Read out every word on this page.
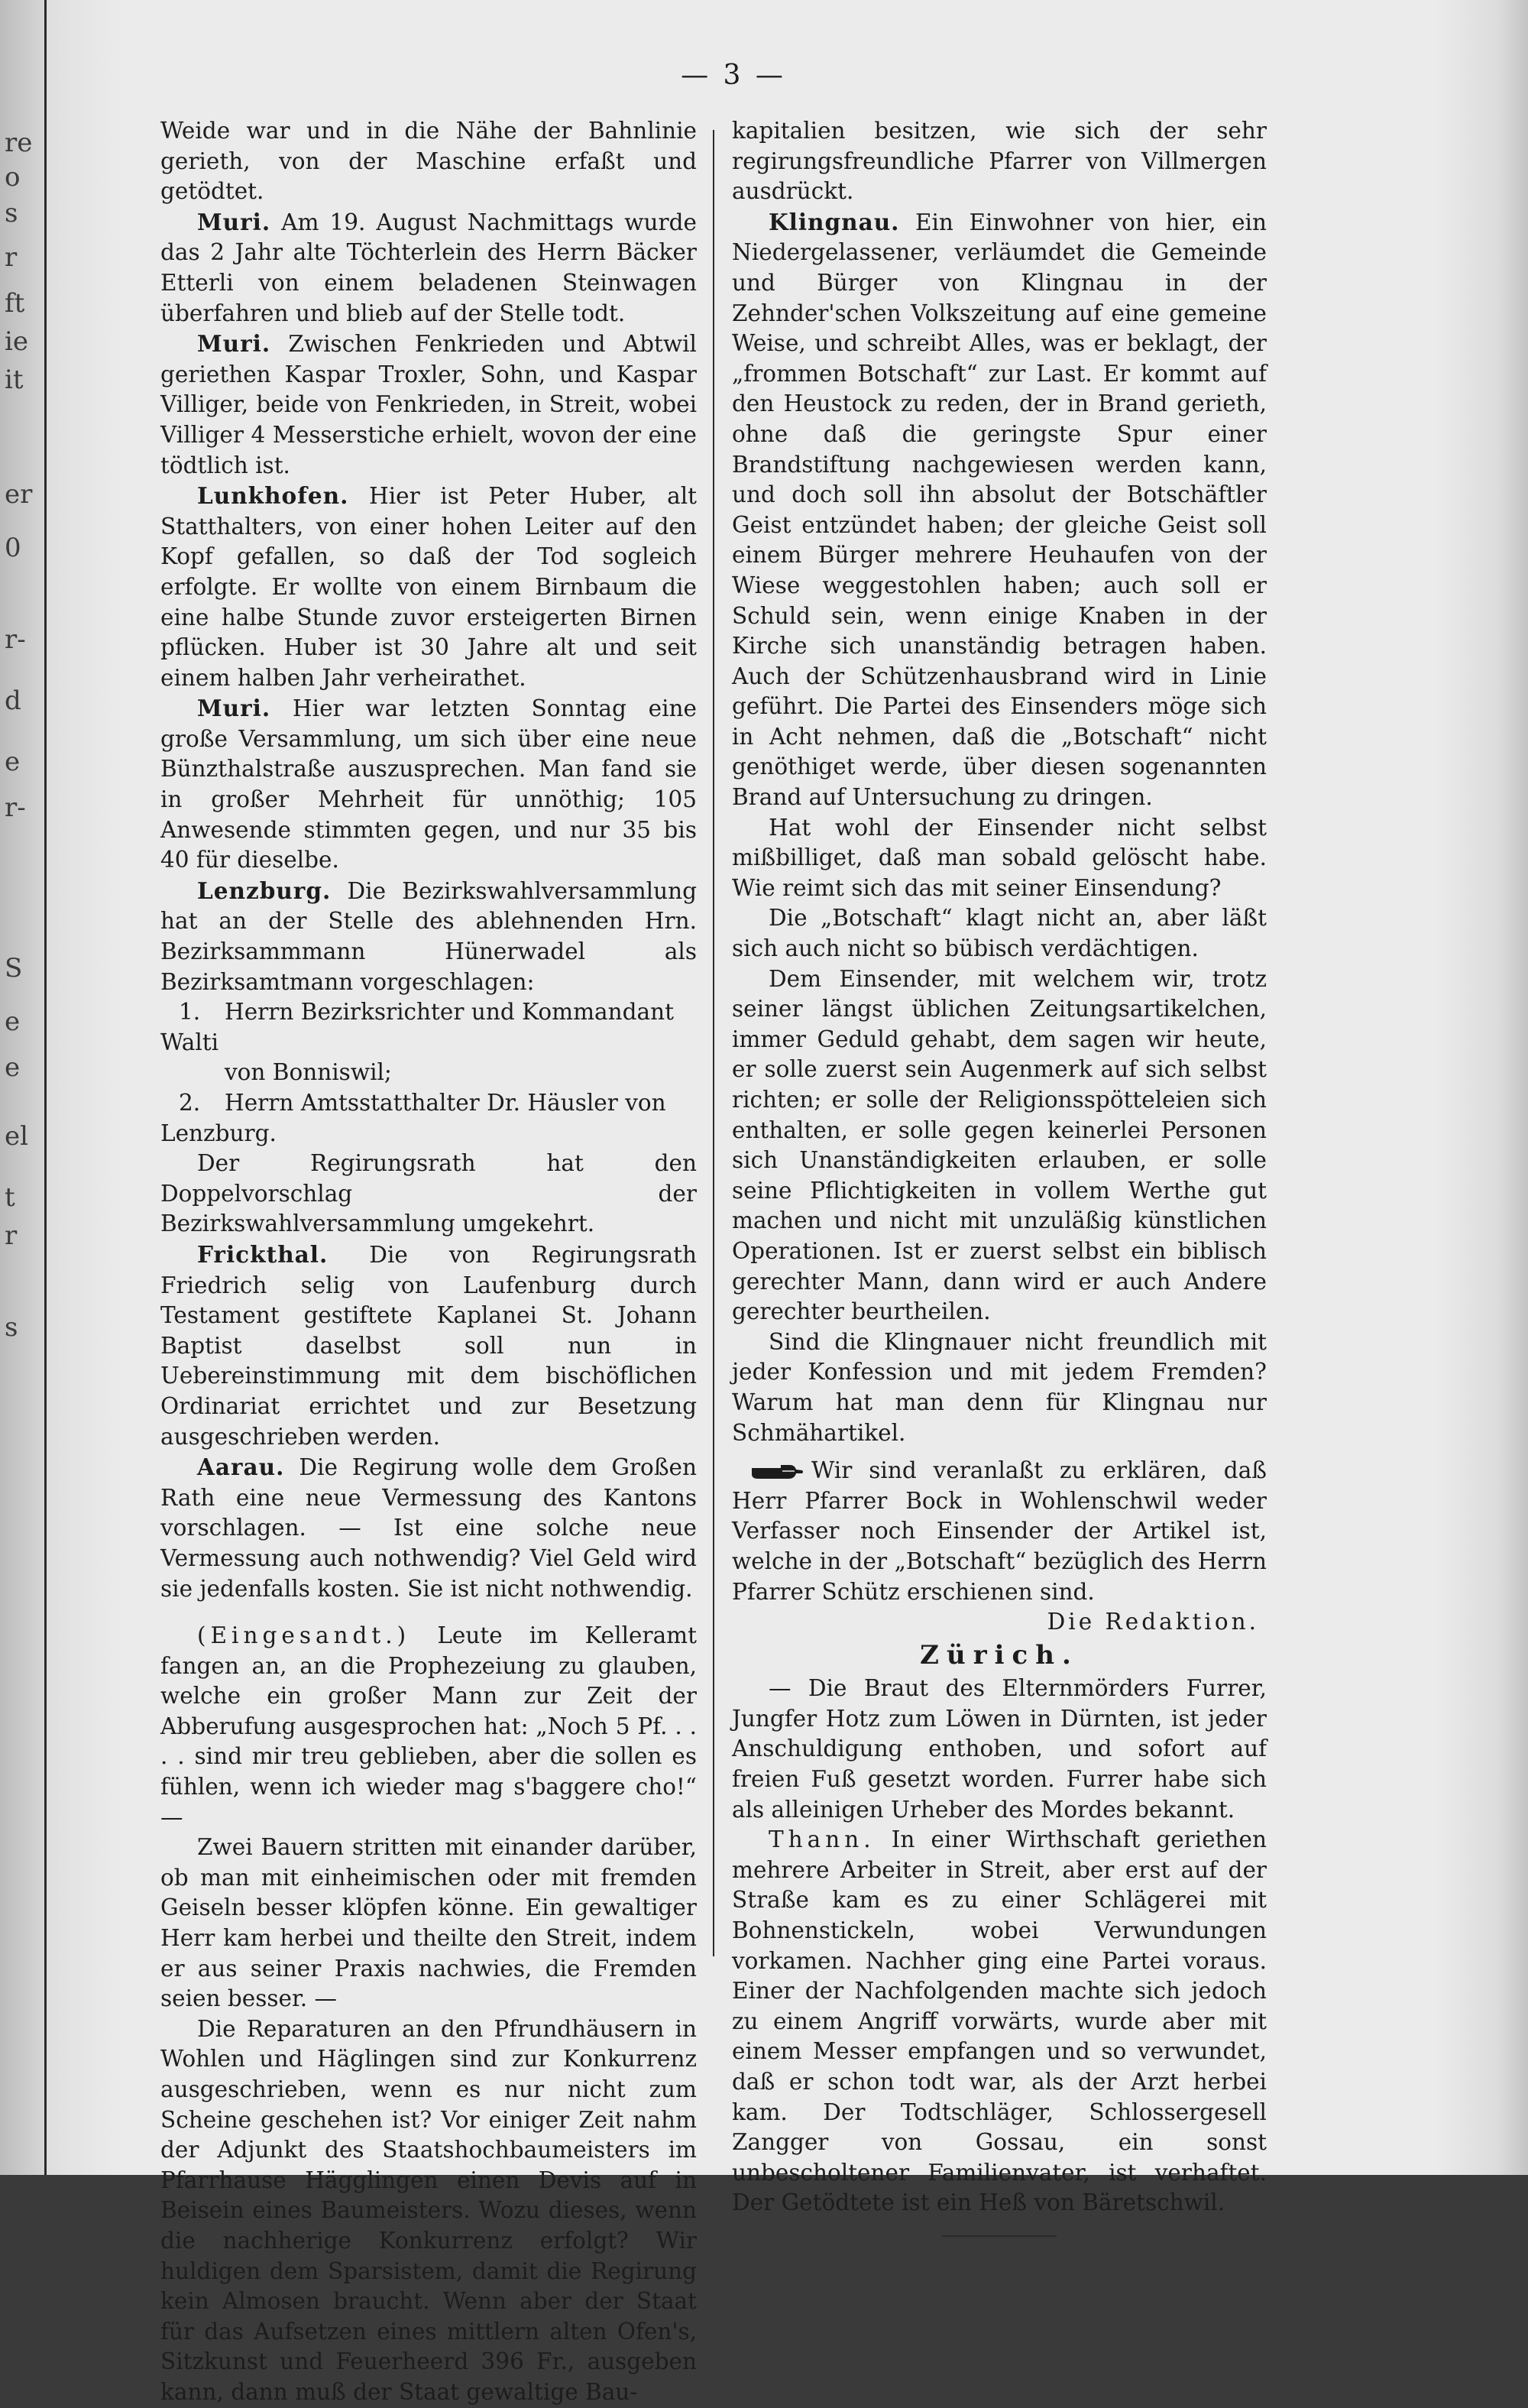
re
o
s
r
ft
ie
it
er
0
r-
d
e
r-
S
e
e
el
t
r
s
— 3 —

Weide war und in die Nähe der Bahnlinie gerieth, von der Maschine erfaßt und getödtet.

Muri. Am 19. August Nachmittags wurde das 2 Jahr alte Töchterlein des Herrn Bäcker Etterli von einem beladenen Steinwagen überfahren und blieb auf der Stelle todt.

Muri. Zwischen Fenkrieden und Abtwil geriethen Kaspar Troxler, Sohn, und Kaspar Villiger, beide von Fenkrieden, in Streit, wobei Villiger 4 Messerstiche erhielt, wovon der eine tödtlich ist.

Lunkhofen. Hier ist Peter Huber, alt Statthalters, von einer hohen Leiter auf den Kopf gefallen, so daß der Tod sogleich erfolgte. Er wollte von einem Birnbaum die eine halbe Stunde zuvor ersteigerten Birnen pflücken. Huber ist 30 Jahre alt und seit einem halben Jahr verheirathet.

Muri. Hier war letzten Sonntag eine große Versammlung, um sich über eine neue Bünzthalstraße auszusprechen. Man fand sie in großer Mehrheit für unnöthig; 105 Anwesende stimmten gegen, und nur 35 bis 40 für dieselbe.

Lenzburg. Die Bezirkswahlversammlung hat an der Stelle des ablehnenden Hrn. Bezirksammmann Hünerwadel als Bezirksamtmann vorgeschlagen:

1. Herrn Bezirksrichter und Kommandant Walti
von Bonniswil;
2. Herrn Amtsstatthalter Dr. Häusler von Lenzburg.

Der Regirungsrath hat den Doppelvorschlag der Bezirkswahlversammlung umgekehrt.

Frickthal. Die von Regirungsrath Friedrich selig von Laufenburg durch Testament gestiftete Kaplanei St. Johann Baptist daselbst soll nun in Uebereinstimmung mit dem bischöflichen Ordinariat errichtet und zur Besetzung ausgeschrieben werden.

Aarau. Die Regirung wolle dem Großen Rath eine neue Vermessung des Kantons vorschlagen. — Ist eine solche neue Vermessung auch nothwendig? Viel Geld wird sie jedenfalls kosten. Sie ist nicht nothwendig.

(Eingesandt.) Leute im Kelleramt fangen an, an die Prophezeiung zu glauben, welche ein großer Mann zur Zeit der Abberufung ausgesprochen hat: „Noch 5 Pf. . . . . sind mir treu geblieben, aber die sollen es fühlen, wenn ich wieder mag s'baggere cho!“ —

Zwei Bauern stritten mit einander darüber, ob man mit einheimischen oder mit fremden Geiseln besser klöpfen könne. Ein gewaltiger Herr kam herbei und theilte den Streit, indem er aus seiner Praxis nachwies, die Fremden seien besser. —

Die Reparaturen an den Pfrundhäusern in Wohlen und Häglingen sind zur Konkurrenz ausgeschrieben, wenn es nur nicht zum Scheine geschehen ist? Vor einiger Zeit nahm der Adjunkt des Staatshochbaumeisters im Pfarrhause Hägglingen einen Devis auf in Beisein eines Baumeisters. Wozu dieses, wenn die nachherige Konkurrenz erfolgt? Wir huldigen dem Sparsistem, damit die Regirung kein Almosen braucht. Wenn aber der Staat für das Aufsetzen eines mittlern alten Ofen's, Sitzkunst und Feuerheerd 396 Fr., ausgeben kann, dann muß der Staat gewaltige Bau-

kapitalien besitzen, wie sich der sehr regirungsfreundliche Pfarrer von Villmergen ausdrückt.

Klingnau. Ein Einwohner von hier, ein Niedergelassener, verläumdet die Gemeinde und Bürger von Klingnau in der Zehnder'schen Volkszeitung auf eine gemeine Weise, und schreibt Alles, was er beklagt, der „frommen Botschaft“ zur Last. Er kommt auf den Heustock zu reden, der in Brand gerieth, ohne daß die geringste Spur einer Brandstiftung nachgewiesen werden kann, und doch soll ihn absolut der Botschäftler Geist entzündet haben; der gleiche Geist soll einem Bürger mehrere Heuhaufen von der Wiese weggestohlen haben; auch soll er Schuld sein, wenn einige Knaben in der Kirche sich unanständig betragen haben. Auch der Schützenhausbrand wird in Linie geführt. Die Partei des Einsenders möge sich in Acht nehmen, daß die „Botschaft“ nicht genöthiget werde, über diesen sogenannten Brand auf Untersuchung zu dringen.

Hat wohl der Einsender nicht selbst mißbilliget, daß man sobald gelöscht habe. Wie reimt sich das mit seiner Einsendung?

Die „Botschaft“ klagt nicht an, aber läßt sich auch nicht so bübisch verdächtigen.

Dem Einsender, mit welchem wir, trotz seiner längst üblichen Zeitungsartikelchen, immer Geduld gehabt, dem sagen wir heute, er solle zuerst sein Augenmerk auf sich selbst richten; er solle der Religionsspötteleien sich enthalten, er solle gegen keinerlei Personen sich Unanständigkeiten erlauben, er solle seine Pflichtigkeiten in vollem Werthe gut machen und nicht mit unzuläßig künstlichen Operationen. Ist er zuerst selbst ein biblisch gerechter Mann, dann wird er auch Andere gerechter beurtheilen.

Sind die Klingnauer nicht freundlich mit jeder Konfession und mit jedem Fremden? Warum hat man denn für Klingnau nur Schmähartikel.

Wir sind veranlaßt zu erklären, daß Herr Pfarrer Bock in Wohlenschwil weder Verfasser noch Einsender der Artikel ist, welche in der „Botschaft“ bezüglich des Herrn Pfarrer Schütz erschienen sind.

Die Redaktion.
Zürich.

— Die Braut des Elternmörders Furrer, Jungfer Hotz zum Löwen in Dürnten, ist jeder Anschuldigung enthoben, und sofort auf freien Fuß gesetzt worden. Furrer habe sich als alleinigen Urheber des Mordes bekannt.

Thann. In einer Wirthschaft geriethen mehrere Arbeiter in Streit, aber erst auf der Straße kam es zu einer Schlägerei mit Bohnenstickeln, wobei Verwundungen vorkamen. Nachher ging eine Partei voraus. Einer der Nachfolgenden machte sich jedoch zu einem Angriff vorwärts, wurde aber mit einem Messer empfangen und so verwundet, daß er schon todt war, als der Arzt herbei kam. Der Todtschläger, Schlossergesell Zangger von Gossau, ein sonst unbescholtener Familienvater, ist verhaftet. Der Getödtete ist ein Heß von Bäretschwil.
